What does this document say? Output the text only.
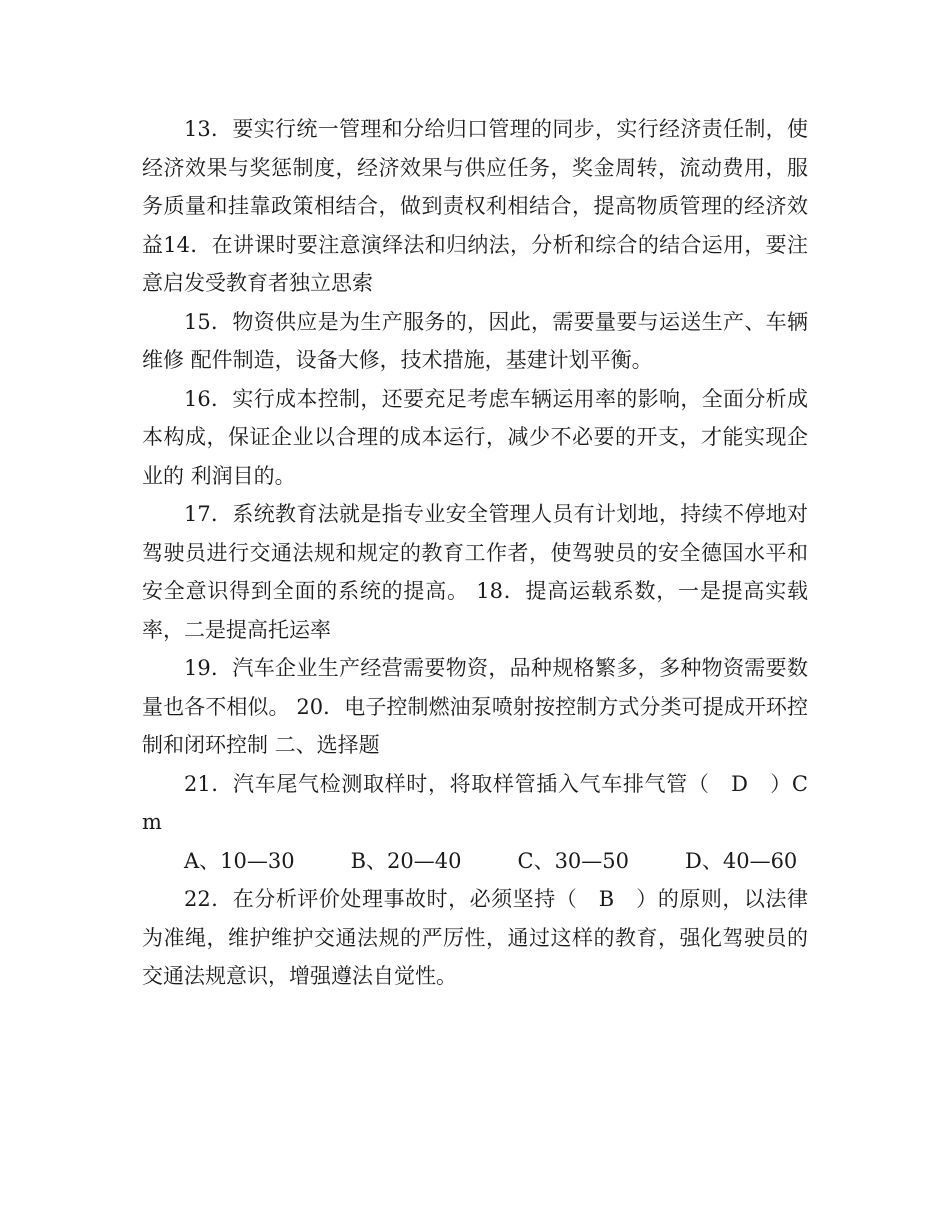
13．要实行统一管理和分给归口管理的同步，实行经济责任制，使经济效果与奖惩制度，经济效果与供应任务，奖金周转，流动费用，服务质量和挂靠政策相结合，做到责权利相结合，提高物质管理的经济效益14．在讲课时要注意演绎法和归纳法，分析和综合的结合运用，要注意启发受教育者独立思索

15．物资供应是为生产服务的，因此，需要量要与运送生产、车辆维修 配件制造，设备大修，技术措施，基建计划平衡。

16．实行成本控制，还要充足考虑车辆运用率的影响，全面分析成本构成，保证企业以合理的成本运行，减少不必要的开支，才能实现企业的 利润目的。

17．系统教育法就是指专业安全管理人员有计划地，持续不停地对驾驶员进行交通法规和规定的教育工作者，使驾驶员的安全德国水平和安全意识得到全面的系统的提高。 18．提高运载系数，一是提高实载率，二是提高托运率

19．汽车企业生产经营需要物资，品种规格繁多，多种物资需要数量也各不相似。 20．电子控制燃油泵喷射按控制方式分类可提成开环控制和闭环控制 二、选择题

21．汽车尾气检测取样时，将取样管插入气车排气管（　D　）Cm

A、10—30	B、20—40	C、30—50	D、40—60

22．在分析评价处理事故时，必须坚持（　B　）的原则，以法律为准绳，维护维护交通法规的严厉性，通过这样的教育，强化驾驶员的交通法规意识，增强遵法自觉性。
